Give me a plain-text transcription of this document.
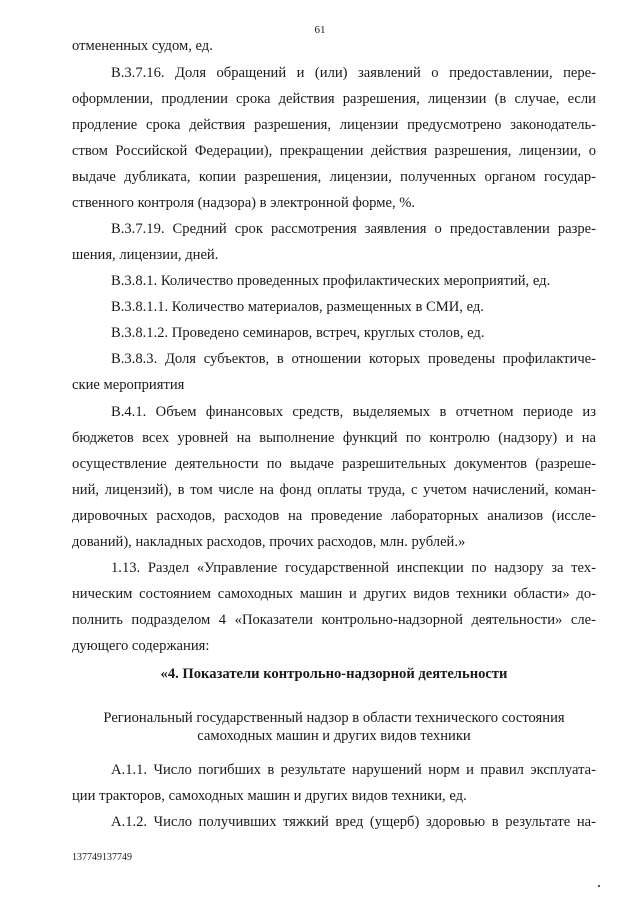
61
отмененных судом, ед.
В.3.7.16. Доля обращений и (или) заявлений о предоставлении, пере-
оформлении, продлении срока действия разрешения, лицензии (в случае, если
продление срока действия разрешения, лицензии предусмотрено законодатель-
ством Российской Федерации), прекращении действия разрешения, лицензии, о
выдаче дубликата, копии разрешения, лицензии, полученных органом государ-
ственного контроля (надзора) в электронной форме, %.
В.3.7.19. Средний срок рассмотрения заявления о предоставлении разре-
шения, лицензии, дней.
В.3.8.1. Количество проведенных профилактических мероприятий, ед.
В.3.8.1.1. Количество материалов, размещенных в СМИ, ед.
В.3.8.1.2. Проведено семинаров, встреч, круглых столов, ед.
В.3.8.3. Доля субъектов, в отношении которых проведены профилактиче-
ские мероприятия
В.4.1. Объем финансовых средств, выделяемых в отчетном периоде из
бюджетов всех уровней на выполнение функций по контролю (надзору) и на
осуществление деятельности по выдаче разрешительных документов (разреше-
ний, лицензий), в том числе на фонд оплаты труда, с учетом начислений, коман-
дировочных расходов, расходов на проведение лабораторных анализов (иссле-
дований), накладных расходов, прочих расходов, млн. рублей.»
1.13. Раздел «Управление государственной инспекции по надзору за тех-
ническим состоянием самоходных машин и других видов техники области» до-
полнить подразделом 4 «Показатели контрольно-надзорной деятельности» сле-
дующего содержания:
«4. Показатели контрольно-надзорной деятельности
Региональный государственный надзор в области технического состояния
самоходных машин и других видов техники
А.1.1. Число погибших в результате нарушений норм и правил эксплуата-
ции тракторов, самоходных машин и других видов техники, ед.
А.1.2. Число получивших тяжкий вред (ущерб) здоровью в результате на-
137749137749
